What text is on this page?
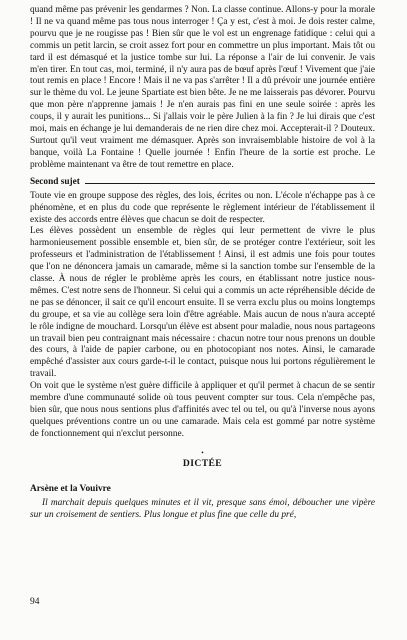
quand même pas prévenir les gendarmes ? Non. La classe continue. Allons-y pour la morale ! Il ne va quand même pas tous nous interroger ! Ça y est, c'est à moi. Je dois rester calme, pourvu que je ne rougisse pas ! Bien sûr que le vol est un engrenage fatidique : celui qui a commis un petit larcin, se croit assez fort pour en commettre un plus important. Mais tôt ou tard il est démasqué et la justice tombe sur lui. La réponse a l'air de lui convenir. Je vais m'en tirer. En tout cas, moi, terminé, il n'y aura pas de bœuf après l'œuf ! Vivement que j'aie tout remis en place ! Encore ! Mais il ne va pas s'arrêter ! Il a dû prévoir une journée entière sur le thème du vol. Le jeune Spartiate est bien bête. Je ne me laisserais pas dévorer. Pourvu que mon père n'apprenne jamais ! Je n'en aurais pas fini en une seule soirée : après les coups, il y aurait les punitions... Si j'allais voir le père Julien à la fin ? Je lui dirais que c'est moi, mais en échange je lui demanderais de ne rien dire chez moi. Accepterait-il ? Douteux. Surtout qu'il veut vraiment me démasquer. Après son invraisemblable histoire de vol à la banque, voilà La Fontaine ! Quelle journée ! Enfin l'heure de la sortie est proche. Le problème maintenant va être de tout remettre en place.

Second sujet

Toute vie en groupe suppose des règles, des lois, écrites ou non. L'école n'échappe pas à ce phénomène, et en plus du code que représente le règlement intérieur de l'établissement il existe des accords entre élèves que chacun se doit de respecter.

Les élèves possèdent un ensemble de règles qui leur permettent de vivre le plus harmonieusement possible ensemble et, bien sûr, de se protéger contre l'extérieur, soit les professeurs et l'administration de l'établissement ! Ainsi, il est admis une fois pour toutes que l'on ne dénoncera jamais un camarade, même si la sanction tombe sur l'ensemble de la classe. À nous de régler le problème après les cours, en établissant notre justice nous-mêmes. C'est notre sens de l'honneur. Si celui qui a commis un acte répréhensible décide de ne pas se dénoncer, il sait ce qu'il encourt ensuite. Il se verra exclu plus ou moins longtemps du groupe, et sa vie au collège sera loin d'être agréable. Mais aucun de nous n'aura accepté le rôle indigne de mouchard. Lorsqu'un élève est absent pour maladie, nous nous partageons un travail bien peu contraignant mais nécessaire : chacun notre tour nous prenons un double des cours, à l'aide de papier carbone, ou en photocopiant nos notes. Ainsi, le camarade empêché d'assister aux cours garde-t-il le contact, puisque nous lui portons régulièrement le travail.

On voit que le système n'est guère difficile à appliquer et qu'il permet à chacun de se sentir membre d'une communauté solide où tous peuvent compter sur tous. Cela n'empêche pas, bien sûr, que nous nous sentions plus d'affinités avec tel ou tel, ou qu'à l'inverse nous ayons quelques préventions contre un ou une camarade. Mais cela est gommé par notre système de fonctionnement qui n'exclut personne.

•
DICTÉE
Arsène et la Vouivre

Il marchait depuis quelques minutes et il vit, presque sans émoi, déboucher une vipère sur un croisement de sentiers. Plus longue et plus fine que celle du pré,

94
